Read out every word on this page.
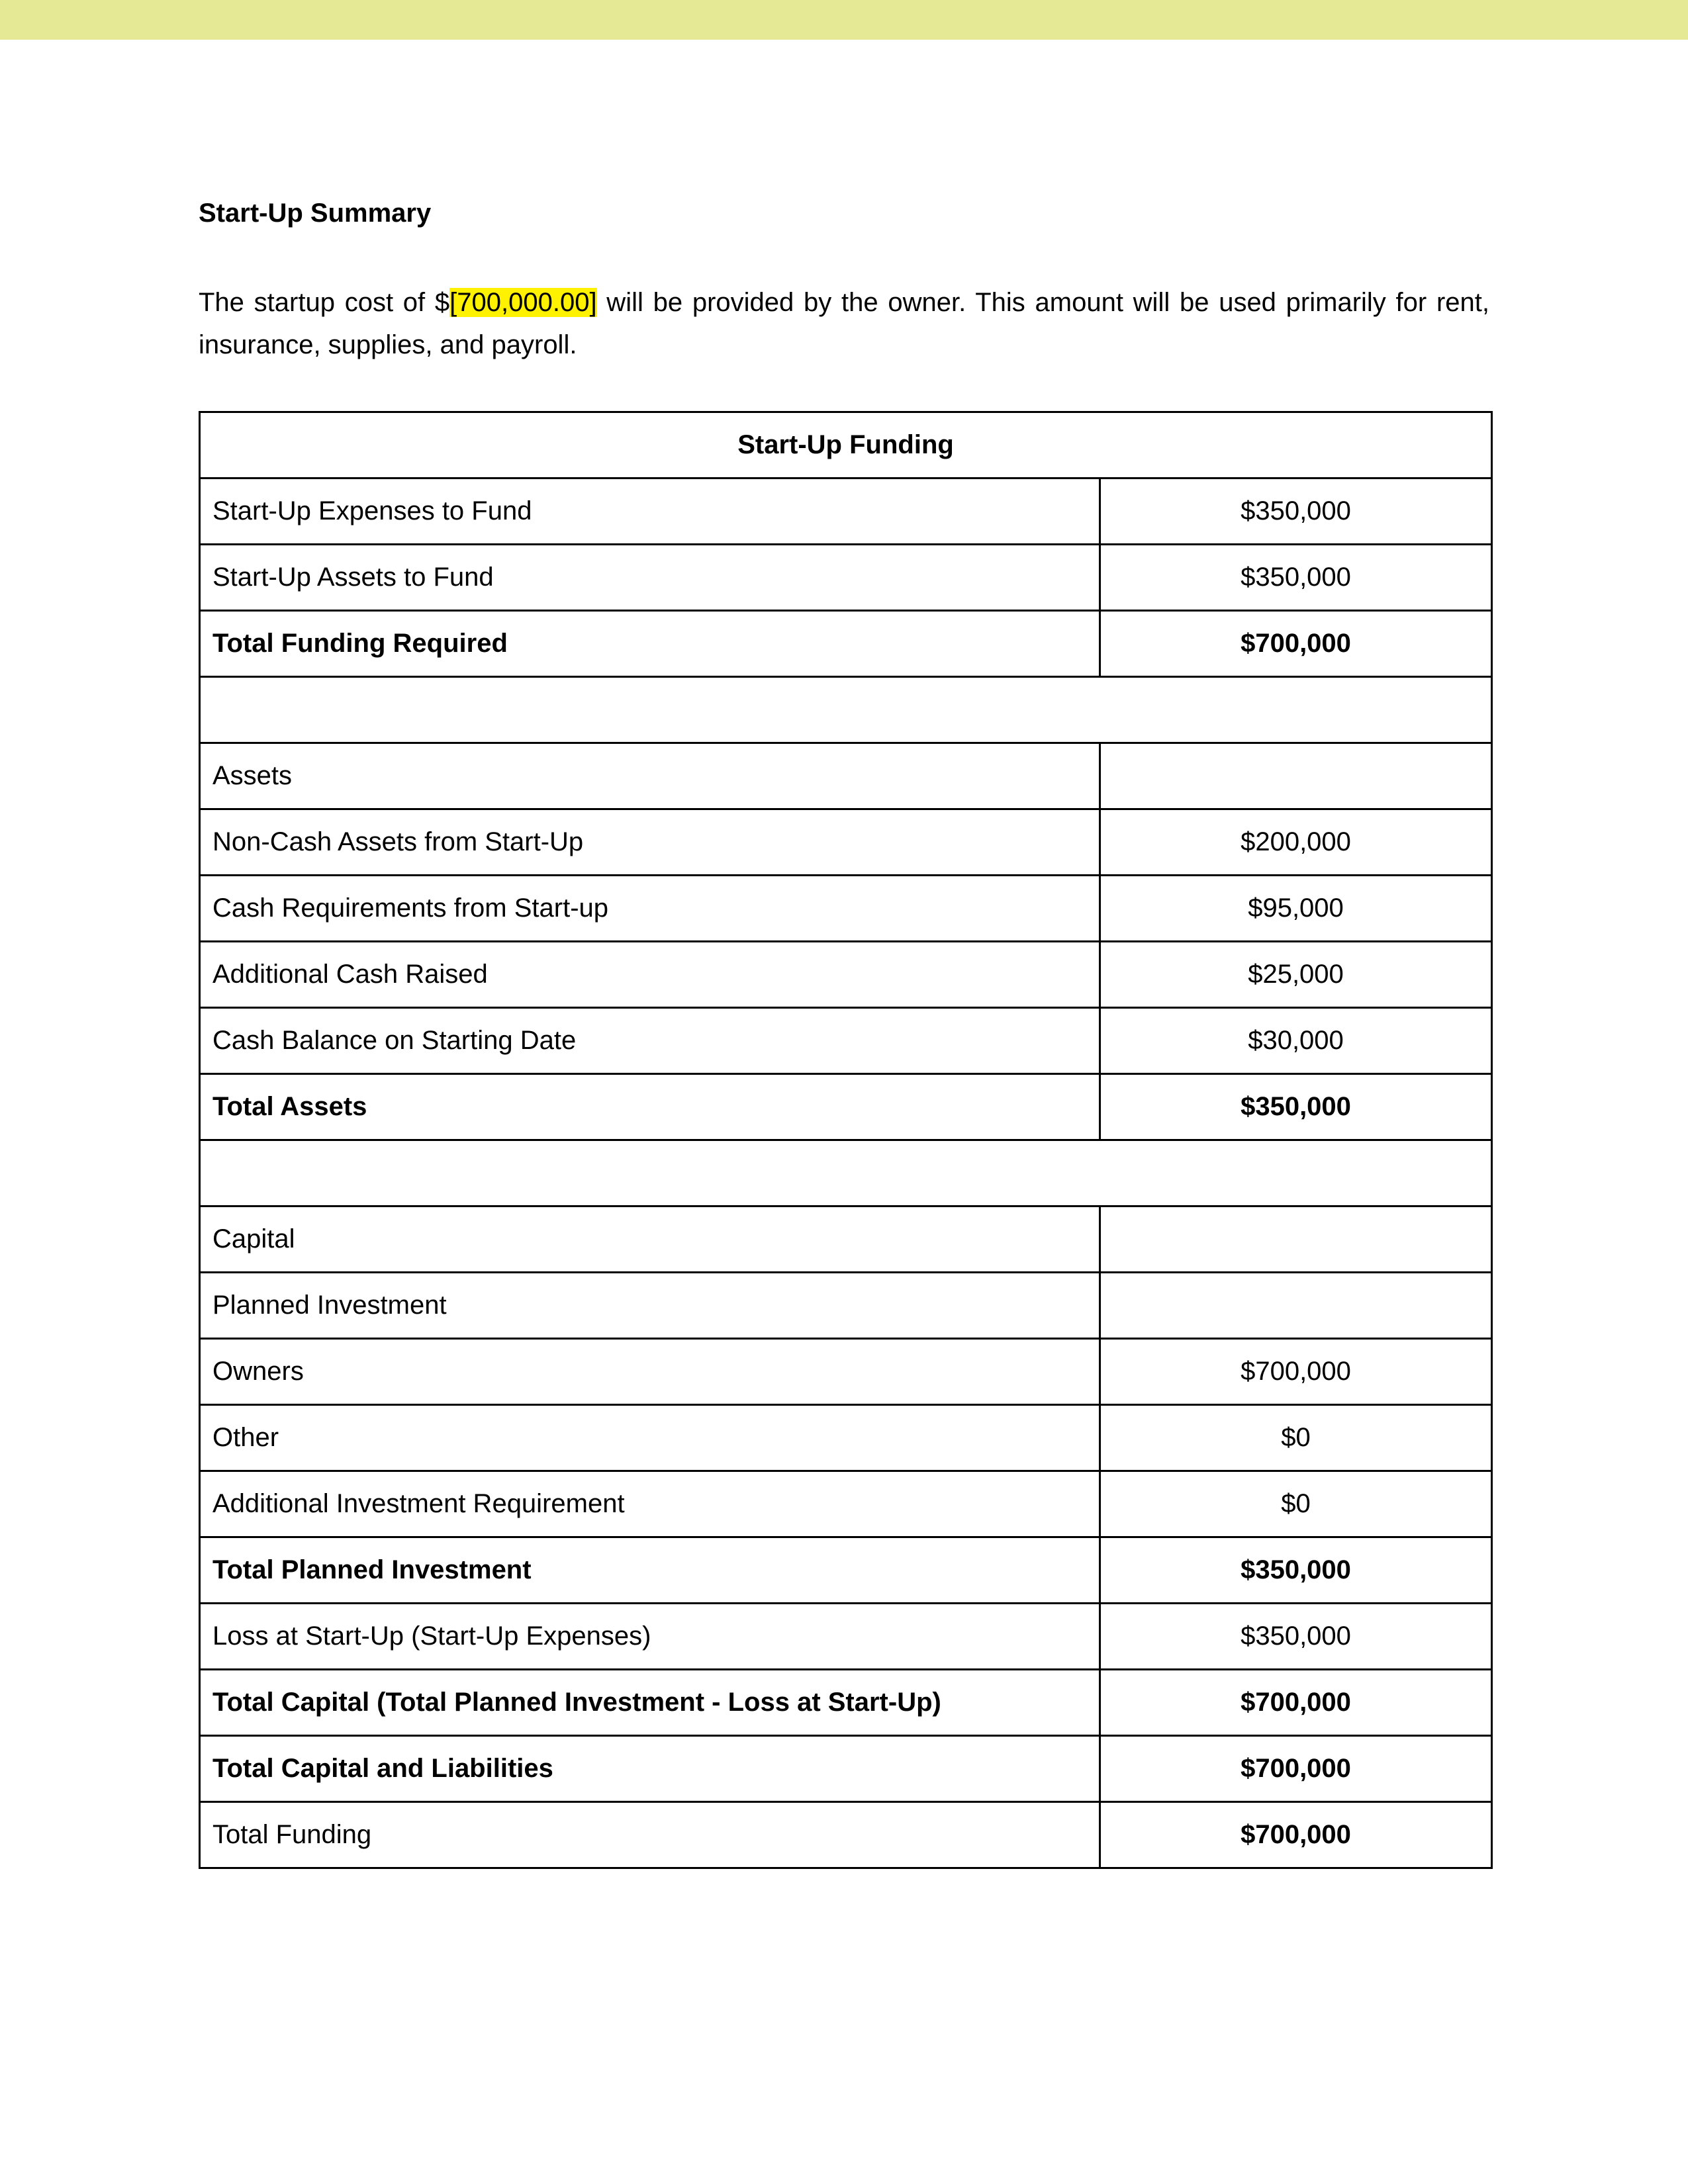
Start-Up Summary

The startup cost of $[700,000.00] will be provided by the owner. This amount will be used primarily for rent, insurance, supplies, and payroll.

Start-Up Funding	
Start-Up Expenses to Fund	$350,000
Start-Up Assets to Fund	$350,000
Total Funding Required	$700,000

Assets	
Non-Cash Assets from Start-Up	$200,000
Cash Requirements from Start-up	$95,000
Additional Cash Raised	$25,000
Cash Balance on Starting Date	$30,000
Total Assets	$350,000

Capital	
Planned Investment	
Owners	$700,000
Other	$0
Additional Investment Requirement	$0
Total Planned Investment	$350,000
Loss at Start-Up (Start-Up Expenses)	$350,000
Total Capital (Total Planned Investment - Loss at Start-Up)	$700,000
Total Capital and Liabilities	$700,000
Total Funding	$700,000
